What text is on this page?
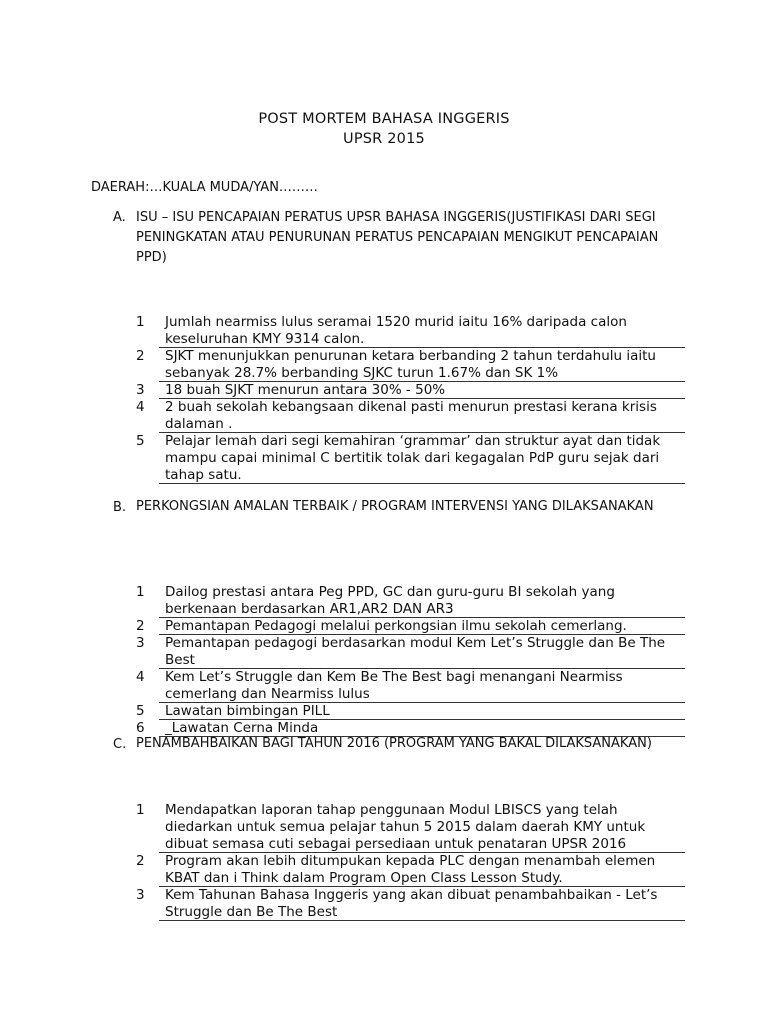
POST MORTEM BAHASA INGGERIS
UPSR 2015
DAERAH:…KUALA MUDA/YAN………
A. ISU – ISU PENCAPAIAN PERATUS UPSR BAHASA INGGERIS(JUSTIFIKASI DARI SEGI PENINGKATAN ATAU PENURUNAN PERATUS PENCAPAIAN MENGIKUT PENCAPAIAN PPD)
1 Jumlah nearmiss lulus seramai 1520 murid iaitu 16% daripada calon keseluruhan KMY 9314 calon.
2 SJKT menunjukkan penurunan ketara berbanding 2 tahun terdahulu iaitu sebanyak 28.7% berbanding SJKC turun 1.67% dan SK 1%
3 18 buah SJKT menurun antara 30% - 50%
4 2 buah sekolah kebangsaan dikenal pasti menurun prestasi kerana krisis dalaman .
5 Pelajar lemah dari segi kemahiran ‘grammar’ dan struktur ayat dan tidak mampu capai minimal C bertitik tolak dari kegagalan PdP guru sejak dari tahap satu.
B. PERKONGSIAN AMALAN TERBAIK / PROGRAM INTERVENSI YANG DILAKSANAKAN
1 Dailog prestasi antara Peg PPD, GC dan guru-guru BI sekolah yang berkenaan berdasarkan AR1,AR2 DAN AR3
2 Pemantapan Pedagogi melalui perkongsian ilmu sekolah cemerlang.
3 Pemantapan pedagogi berdasarkan modul Kem Let’s Struggle dan Be The Best
4 Kem Let’s Struggle dan Kem Be The Best bagi menangani Nearmiss cemerlang dan Nearmiss lulus
5 Lawatan bimbingan PILL
6 _Lawatan Cerna Minda
C. PENAMBAHBAIKAN BAGI TAHUN 2016 (PROGRAM YANG BAKAL DILAKSANAKAN)
1 Mendapatkan laporan tahap penggunaan Modul LBISCS yang telah diedarkan untuk semua pelajar tahun 5 2015 dalam daerah KMY untuk dibuat semasa cuti sebagai persediaan untuk penataran UPSR 2016
2 Program akan lebih ditumpukan kepada PLC dengan menambah elemen KBAT dan i Think dalam Program Open Class Lesson Study.
3 Kem Tahunan Bahasa Inggeris yang akan dibuat penambahbaikan - Let’s Struggle dan Be The Best
